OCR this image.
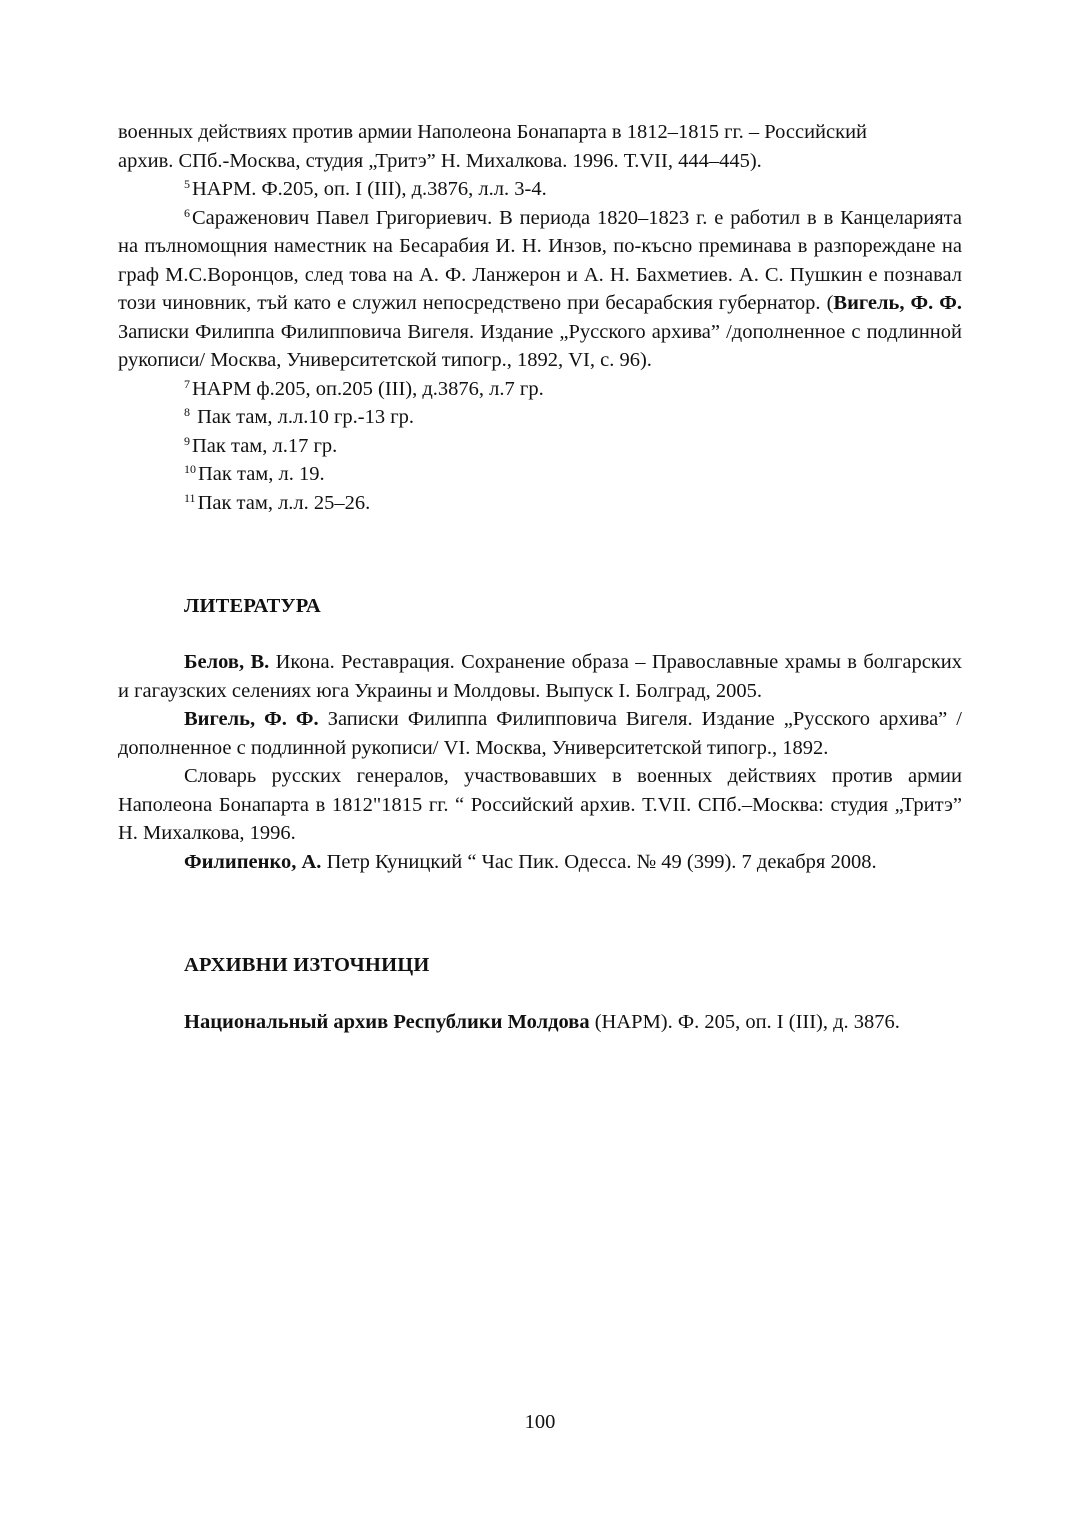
военных действиях против армии Наполеона Бонапарта в 1812–1815 гг. – Российский
архив. СПб.-Москва, студия „Тритэ” Н. Михалкова. 1996. Т.VII, 444–445).

$^5$НАРМ. Ф.205, оп. I (III), д.3876, л.л. 3-4.

$^6$Сараженович Павел Григориевич. В периода 1820–1823 г. е работил в в Канцеларията на пълномощния наместник на Бесарабия И. Н. Инзов, по-късно преминава в разпореждане на граф М.С.Воронцов, след това на А. Ф. Ланжерон и А. Н. Бахметиев. А. С. Пушкин е познавал този чиновник, тъй като е служил непосредствено при бесарабския губернатор. (Вигель, Ф. Ф. Записки Филиппа Филипповича Вигеля. Издание „Русского архива” /дополненное с подлинной рукописи/ Москва, Университетской типогр., 1892, VI, с. 96).

$^7$НАРМ ф.205, оп.205 (III), д.3876, л.7 гр.

$^8$ Пак там, л.л.10 гр.-13 гр.

$^9$Пак там, л.17 гр.

$^{10}$Пак там, л. 19.

$^{11}$Пак там, л.л. 25–26.

ЛИТЕРАТУРА

Белов, В. Икона. Реставрация. Сохранение образа – Православные храмы в болгарских и гагаузских селениях юга Украины и Молдовы. Выпуск I. Болград, 2005.

Вигель, Ф. Ф. Записки Филиппа Филипповича Вигеля. Издание „Русского архива” /дополненное с подлинной рукописи/ VI. Москва, Университетской типогр., 1892.

Словарь русских генералов, участвовавших в военных действиях против армии Наполеона Бонапарта в 1812"1815 гг. “ Российский архив. Т.VII. СПб.–Москва: студия „Тритэ” Н. Михалкова, 1996.

Филипенко, А. Петр Куницкий “ Час Пик. Одесса. № 49 (399). 7 декабря 2008.

АРХИВНИ ИЗТОЧНИЦИ

Национальный архив Республики Молдова (НАРМ). Ф. 205, оп. I (III), д. 3876.

100
